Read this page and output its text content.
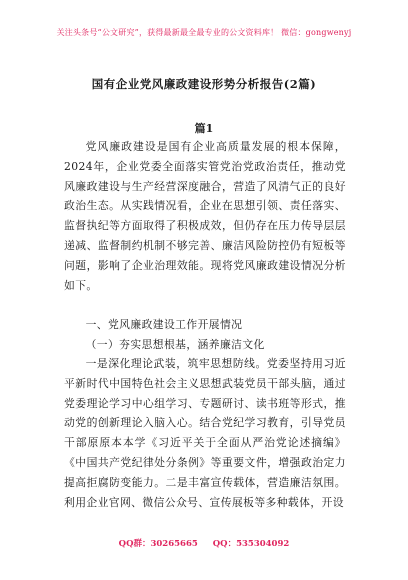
关注头条号“公文研究”，获得最新最全最专业的公文资料库！ 微信：gongwenyj
国有企业党风廉政建设形势分析报告(2篇)
篇1
党风廉政建设是国有企业高质量发展的根本保障，2024年，企业党委全面落实管党治党政治责任，推动党风廉政建设与生产经营深度融合，营造了风清气正的良好政治生态。从实践情况看，企业在思想引领、责任落实、监督执纪等方面取得了积极成效，但仍存在压力传导层层递减、监督制约机制不够完善、廉洁风险防控仍有短板等问题，影响了企业治理效能。现将党风廉政建设情况分析如下。
一、党风廉政建设工作开展情况
（一）夯实思想根基，涵养廉洁文化
一是深化理论武装，筑牢思想防线。党委坚持用习近平新时代中国特色社会主义思想武装党员干部头脑，通过党委理论学习中心组学习、专题研讨、读书班等形式，推动党的创新理论入脑入心。结合党纪学习教育，引导党员干部原原本本学《习近平关于全面从严治党论述摘编》《中国共产党纪律处分条例》等重要文件，增强政治定力提高拒腐防变能力。二是丰富宣传载体，营造廉洁氛围。利用企业官网、微信公众号、宣传展板等多种载体，开设
QQ群：30265665 QQ：535304092
